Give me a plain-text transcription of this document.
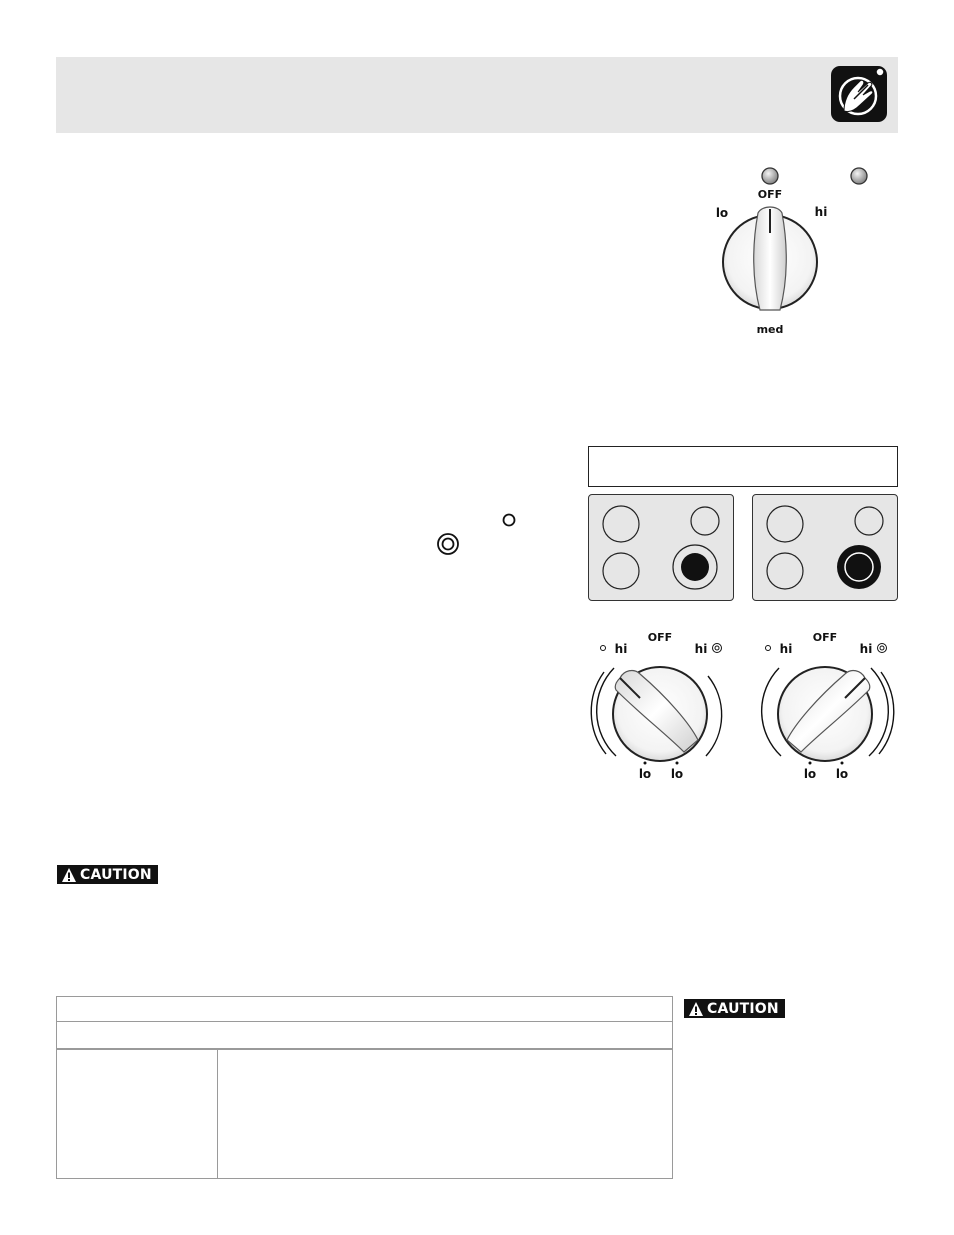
OFF
lo	hi
med
OFF
hi	hi
lo lo
OFF
hi	hi
lo lo
CAUTION
CAUTION
